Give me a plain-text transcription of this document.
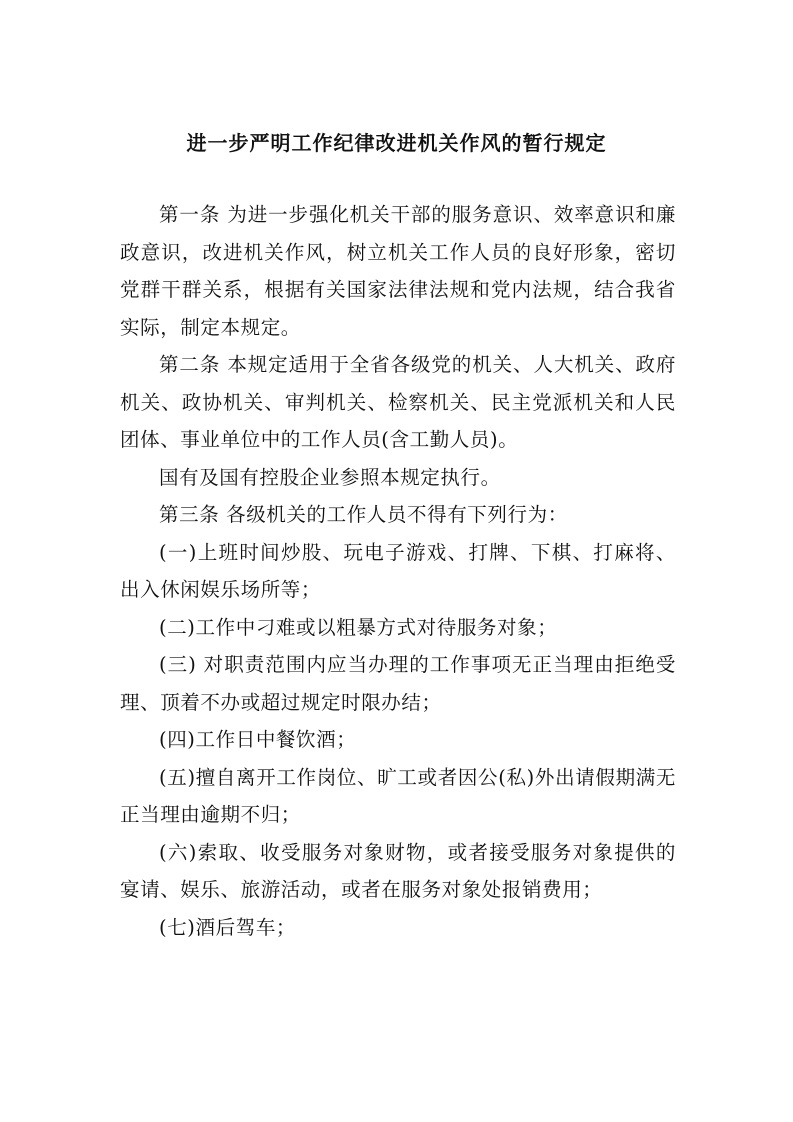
进一步严明工作纪律改进机关作风的暂行规定

第一条 为进一步强化机关干部的服务意识、效率意识和廉政意识，改进机关作风，树立机关工作人员的良好形象，密切党群干群关系，根据有关国家法律法规和党内法规，结合我省实际，制定本规定。

第二条 本规定适用于全省各级党的机关、人大机关、政府机关、政协机关、审判机关、检察机关、民主党派机关和人民团体、事业单位中的工作人员(含工勤人员)。

国有及国有控股企业参照本规定执行。

第三条 各级机关的工作人员不得有下列行为：

(一)上班时间炒股、玩电子游戏、打牌、下棋、打麻将、出入休闲娱乐场所等；

(二)工作中刁难或以粗暴方式对待服务对象；

(三) 对职责范围内应当办理的工作事项无正当理由拒绝受理、顶着不办或超过规定时限办结；

(四)工作日中餐饮酒；

(五)擅自离开工作岗位、旷工或者因公(私)外出请假期满无正当理由逾期不归；

(六)索取、收受服务对象财物，或者接受服务对象提供的宴请、娱乐、旅游活动，或者在服务对象处报销费用；

(七)酒后驾车；
